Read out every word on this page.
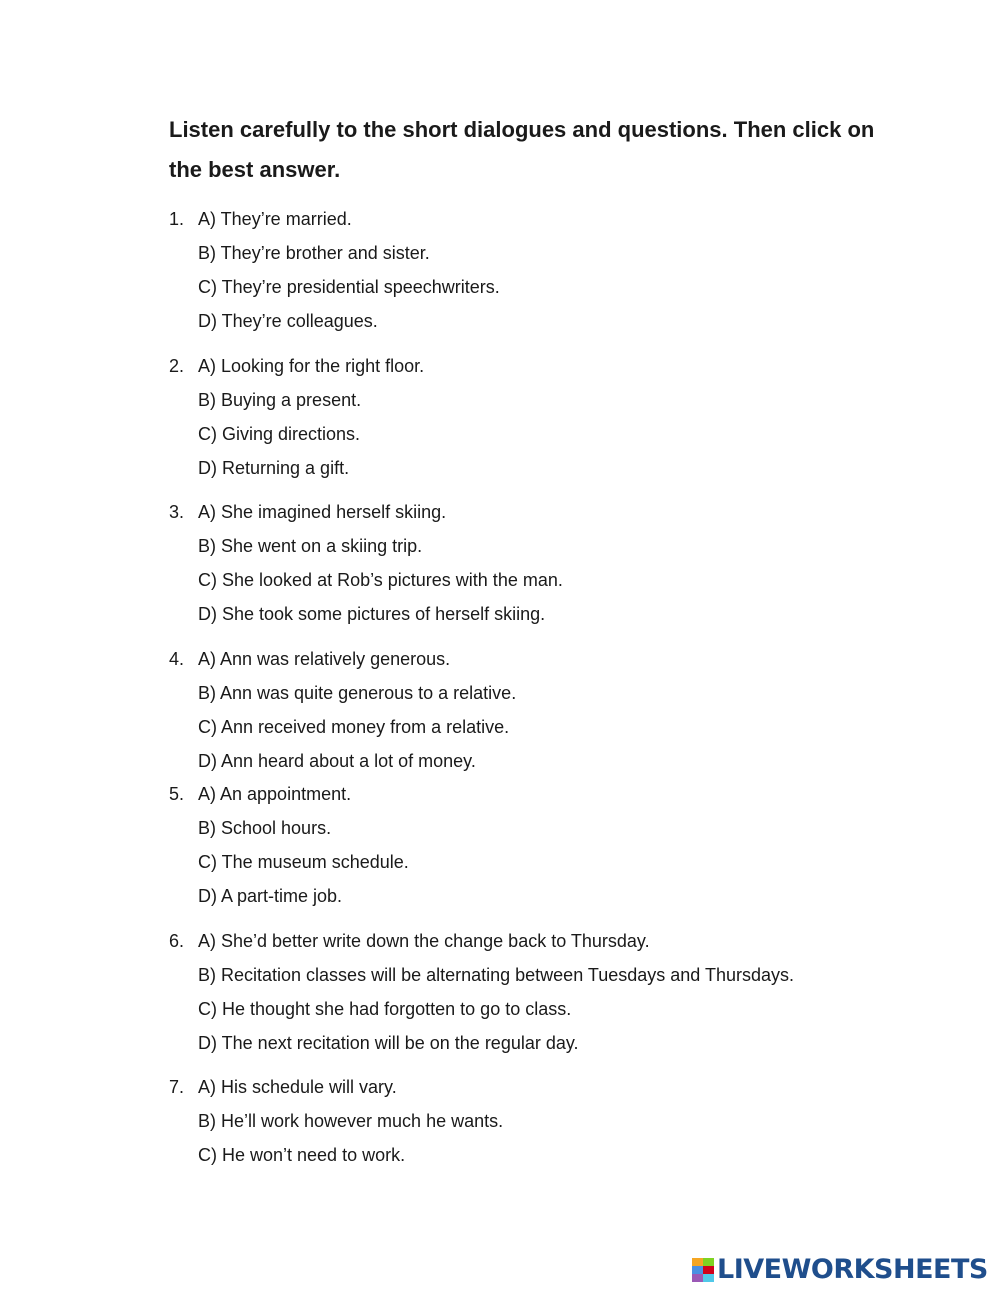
Listen carefully to the short dialogues and questions. Then click on the best answer.

1. A) They’re married.
B) They’re brother and sister.
C) They’re presidential speechwriters.
D) They’re colleagues.
2. A) Looking for the right floor.
B) Buying a present.
C) Giving directions.
D) Returning a gift.
3. A) She imagined herself skiing.
B) She went on a skiing trip.
C) She looked at Rob’s pictures with the man.
D) She took some pictures of herself skiing.
4. A) Ann was relatively generous.
B) Ann was quite generous to a relative.
C) Ann received money from a relative.
D) Ann heard about a lot of money.
5. A) An appointment.
B) School hours.
C) The museum schedule.
D) A part-time job.
6. A) She’d better write down the change back to Thursday.
B) Recitation classes will be alternating between Tuesdays and Thursdays.
C) He thought she had forgotten to go to class.
D) The next recitation will be on the regular day.
7. A) His schedule will vary.
B) He’ll work however much he wants.
C) He won’t need to work.
LIVEWORKSHEETS
